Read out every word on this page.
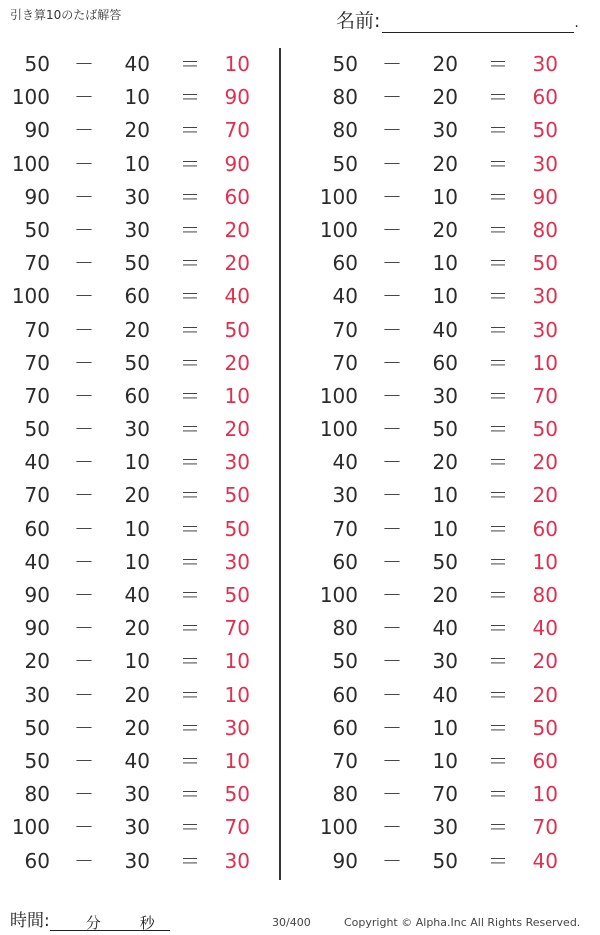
引き算10のたば解答	名前:	.
50 －	40 ＝	10
100 －	10 ＝	90
90 －	20 ＝	70
100 －	10 ＝	90
90 －	30 ＝	60
50 －	30 ＝	20
70 －	50 ＝	20
100 －	60 ＝	40
70 －	20 ＝	50
70 －	50 ＝	20
70 －	60 ＝	10
50 －	30 ＝	20
40 －	10 ＝	30
70 －	20 ＝	50
60 －	10 ＝	50
40 －	10 ＝	30
90 －	40 ＝	50
90 －	20 ＝	70
20 －	10 ＝	10
30 －	20 ＝	10
50 －	20 ＝	30
50 －	40 ＝	10
80 －	30 ＝	50
100 －	30 ＝	70
60 －	30 ＝	30
50 －	20 ＝	30
80 －	20 ＝	60
80 －	30 ＝	50
50 －	20 ＝	30
100 －	10 ＝	90
100 －	20 ＝	80
60 －	10 ＝	50
40 －	10 ＝	30
70 －	40 ＝	30
70 －	60 ＝	10
100 －	30 ＝	70
100 －	50 ＝	50
40 －	20 ＝	20
30 －	10 ＝	20
70 －	10 ＝	60
60 －	50 ＝	10
100 －	20 ＝	80
80 －	40 ＝	40
50 －	30 ＝	20
60 －	40 ＝	20
60 －	10 ＝	50
70 －	10 ＝	60
80 －	70 ＝	10
100 －	30 ＝	70
90 －	50 ＝	40
時間: 分	秒	30/400	Copyright © Alpha.Inc All Rights Reserved.
